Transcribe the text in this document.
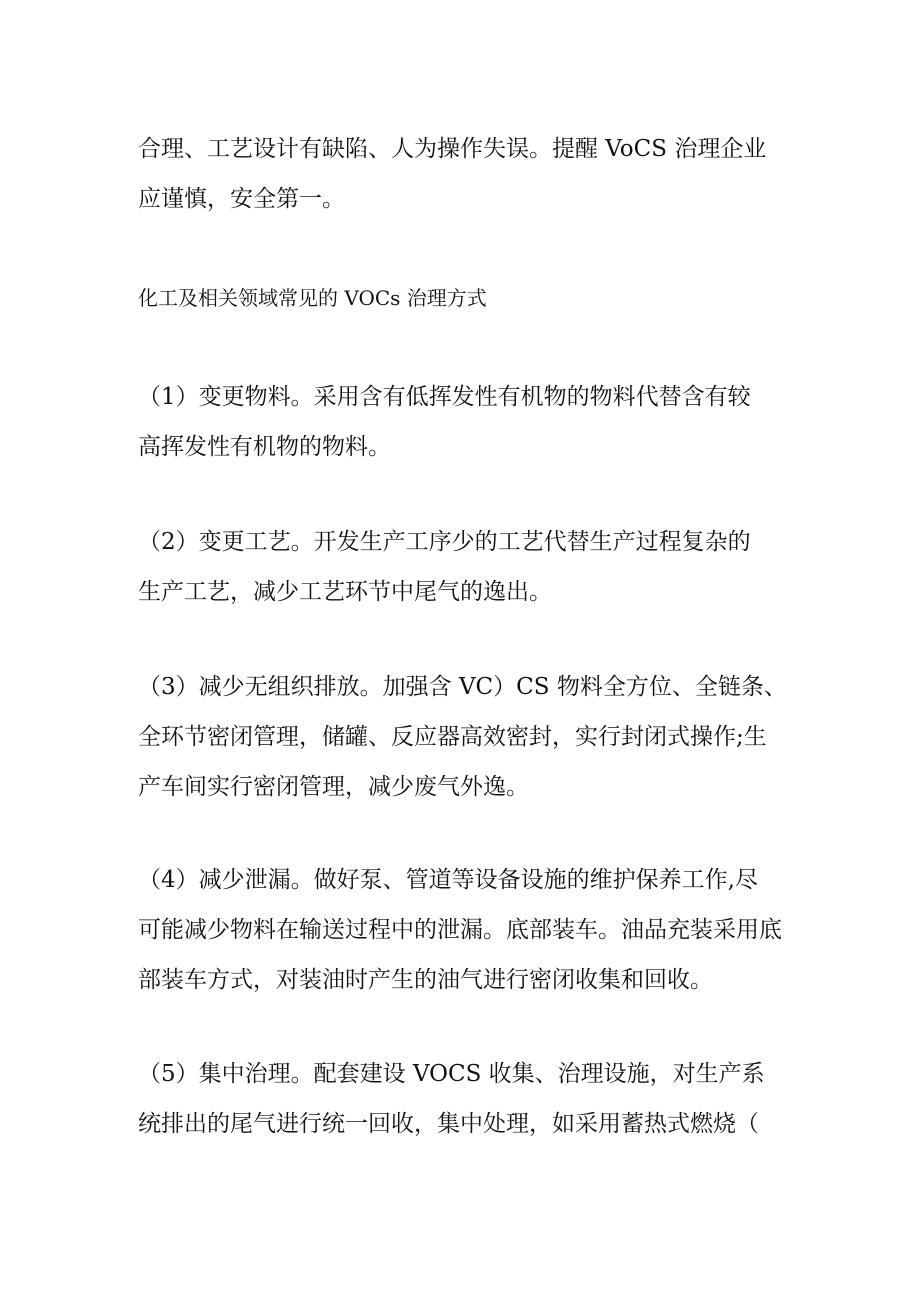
合理、工艺设计有缺陷、人为操作失误。提醒 VoCS 治理企业
应谨慎，安全第一。

化工及相关领域常见的 VOCs 治理方式

（1）变更物料。采用含有低挥发性有机物的物料代替含有较
高挥发性有机物的物料。

（2）变更工艺。开发生产工序少的工艺代替生产过程复杂的
生产工艺，减少工艺环节中尾气的逸出。

（3）减少无组织排放。加强含 VC）CS 物料全方位、全链条、
全环节密闭管理，储罐、反应器高效密封，实行封闭式操作;生
产车间实行密闭管理，减少废气外逸。

（4）减少泄漏。做好泵、管道等设备设施的维护保养工作,尽
可能减少物料在输送过程中的泄漏。底部装车。油品充装采用底
部装车方式，对装油时产生的油气进行密闭收集和回收。

（5）集中治理。配套建设 VOCS 收集、治理设施，对生产系
统排出的尾气进行统一回收，集中处理，如采用蓄热式燃烧（
